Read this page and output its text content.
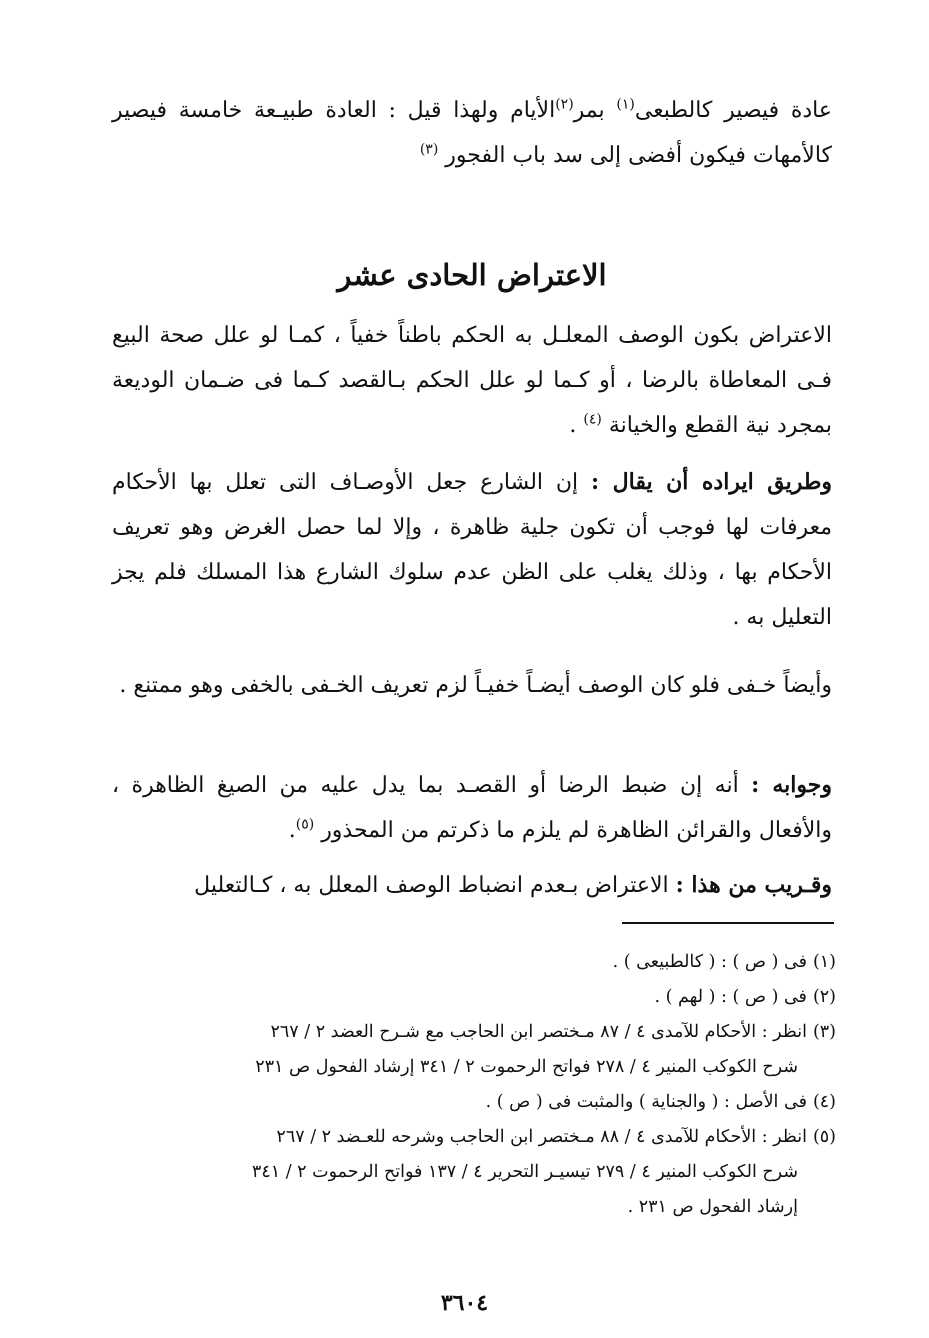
عادة فيصير كالطبعى$^{(١)}$ بمر$^{(٢)}$الأيام ولهذا قيل : العادة طبيـعة خامسة فيصير كالأمهات فيكون أفضى إلى سد باب الفجور $^{(٣)}$
الاعتراض الحادى عشر
الاعتراض بكون الوصف المعلـل به الحكم باطناً خفياً ، كمـا لو علل صحة البيع فـى المعاطاة بالرضا ، أو كـما لو علل الحكم بـالقصد كـما فى ضـمان الوديعة بمجرد نية القطع والخيانة $^{(٤)}$ .
وطريق ايراده أن يقال : إن الشارع جعل الأوصـاف التى تعلل بها الأحكام معرفات لها فوجب أن تكون جلية ظاهرة ، وإلا لما حصل الغرض وهو تعريف الأحكام بها ، وذلك يغلب على الظن عدم سلوك الشارع هذا المسلك فلم يجز التعليل به .
وأيضاً خـفى فلو كان الوصف أيضـاً خفيـاً لزم تعريف الخـفى بالخفى وهو ممتنع .
وجوابه : أنه إن ضبط الرضا أو القصـد بما يدل عليه من الصيغ الظاهرة ، والأفعال والقرائن الظاهرة لم يلزم ما ذكرتم من المحذور $^{(٥)}$.
وقـريب من هذا : الاعتراض بـعدم انضباط الوصف المعلل به ، كـالتعليل

(١)فى ( ص ) : ( كالطبيعى ) .

(٢)فى ( ص ) : ( لهم ) .

(٣)انظر : الأحكام للآمدى ٤ / ٨٧ مـختصر ابن الحاجب مع شـرح العضد ٢ / ٢٦٧

شرح الكوكب المنير ٤ / ٢٧٨ فواتح الرحموت ٢ / ٣٤١ إرشاد الفحول ص ٢٣١

(٤)فى الأصل : ( والجناية ) والمثبت فى ( ص ) .

(٥)انظر : الأحكام للآمدى ٤ / ٨٨ مـختصر ابن الحاجب وشرحه للعـضد ٢ / ٢٦٧

شرح الكوكب المنير ٤ / ٢٧٩ تيسيـر التحرير ٤ / ١٣٧ فواتح الرحموت ٢ / ٣٤١

إرشاد الفحول ص ٢٣١ .

٣٦٠٤
